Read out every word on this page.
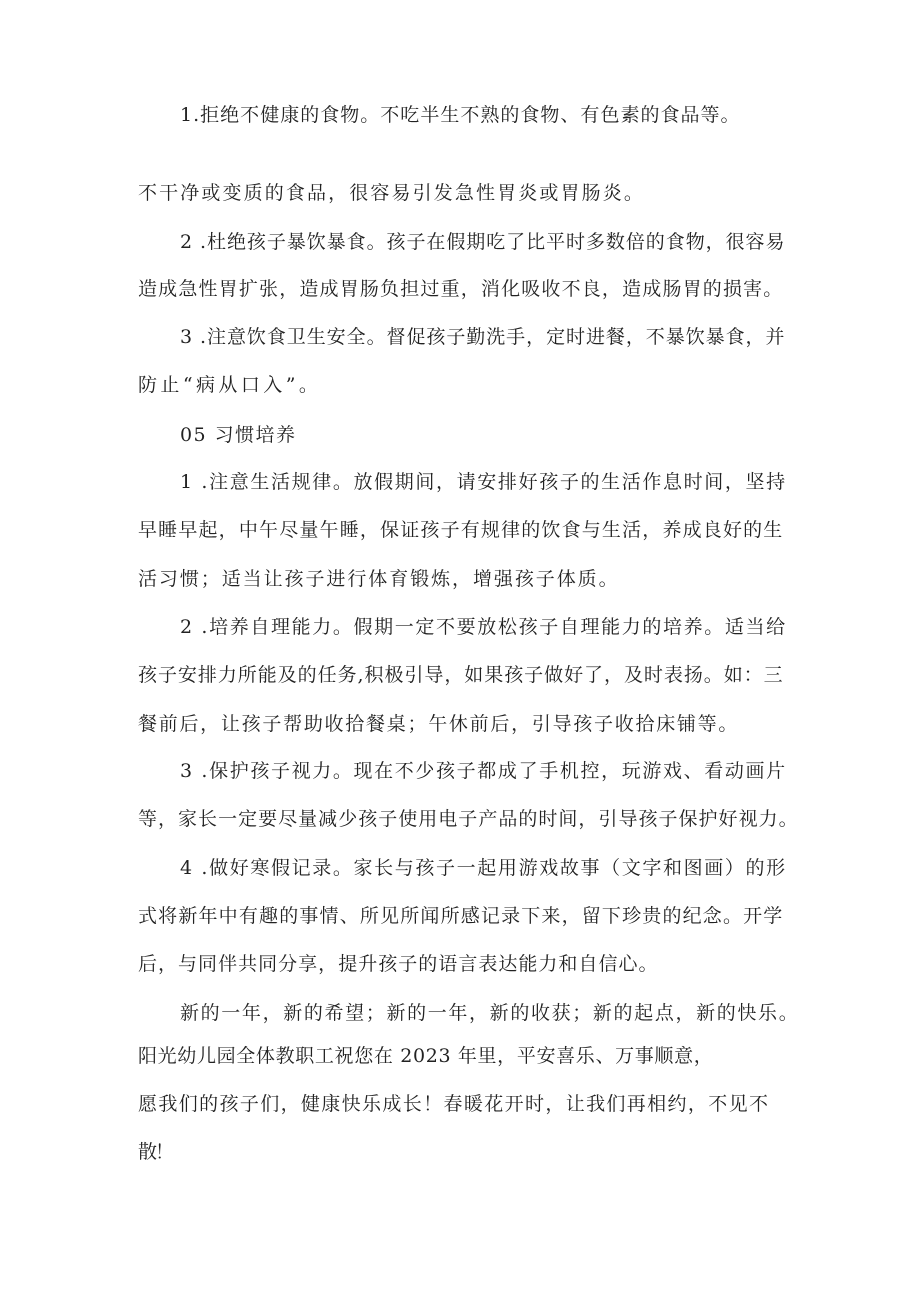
1.拒绝不健康的食物。不吃半生不熟的食物、有色素的食品等。
不干净或变质的食品，很容易引发急性胃炎或胃肠炎。
2 .杜绝孩子暴饮暴食。孩子在假期吃了比平时多数倍的食物，很容易
造成急性胃扩张，造成胃肠负担过重，消化吸收不良，造成肠胃的损害。
3 .注意饮食卫生安全。督促孩子勤洗手，定时进餐，不暴饮暴食，并
防止“病从口入”。
05 习惯培养
1 .注意生活规律。放假期间，请安排好孩子的生活作息时间，坚持
早睡早起，中午尽量午睡，保证孩子有规律的饮食与生活，养成良好的生
活习惯；适当让孩子进行体育锻炼，增强孩子体质。
2 .培养自理能力。假期一定不要放松孩子自理能力的培养。适当给
孩子安排力所能及的任务,积极引导，如果孩子做好了，及时表扬。如：三
餐前后，让孩子帮助收拾餐桌；午休前后，引导孩子收拾床铺等。
3 .保护孩子视力。现在不少孩子都成了手机控，玩游戏、看动画片
等，家长一定要尽量减少孩子使用电子产品的时间，引导孩子保护好视力。
4 .做好寒假记录。家长与孩子一起用游戏故事（文字和图画）的形
式将新年中有趣的事情、所见所闻所感记录下来，留下珍贵的纪念。开学
后，与同伴共同分享，提升孩子的语言表达能力和自信心。
新的一年，新的希望；新的一年，新的收获；新的起点，新的快乐。
阳光幼儿园全体教职工祝您在 2023 年里，平安喜乐、万事顺意，
愿我们的孩子们，健康快乐成长！春暖花开时，让我们再相约，不见不
散！
